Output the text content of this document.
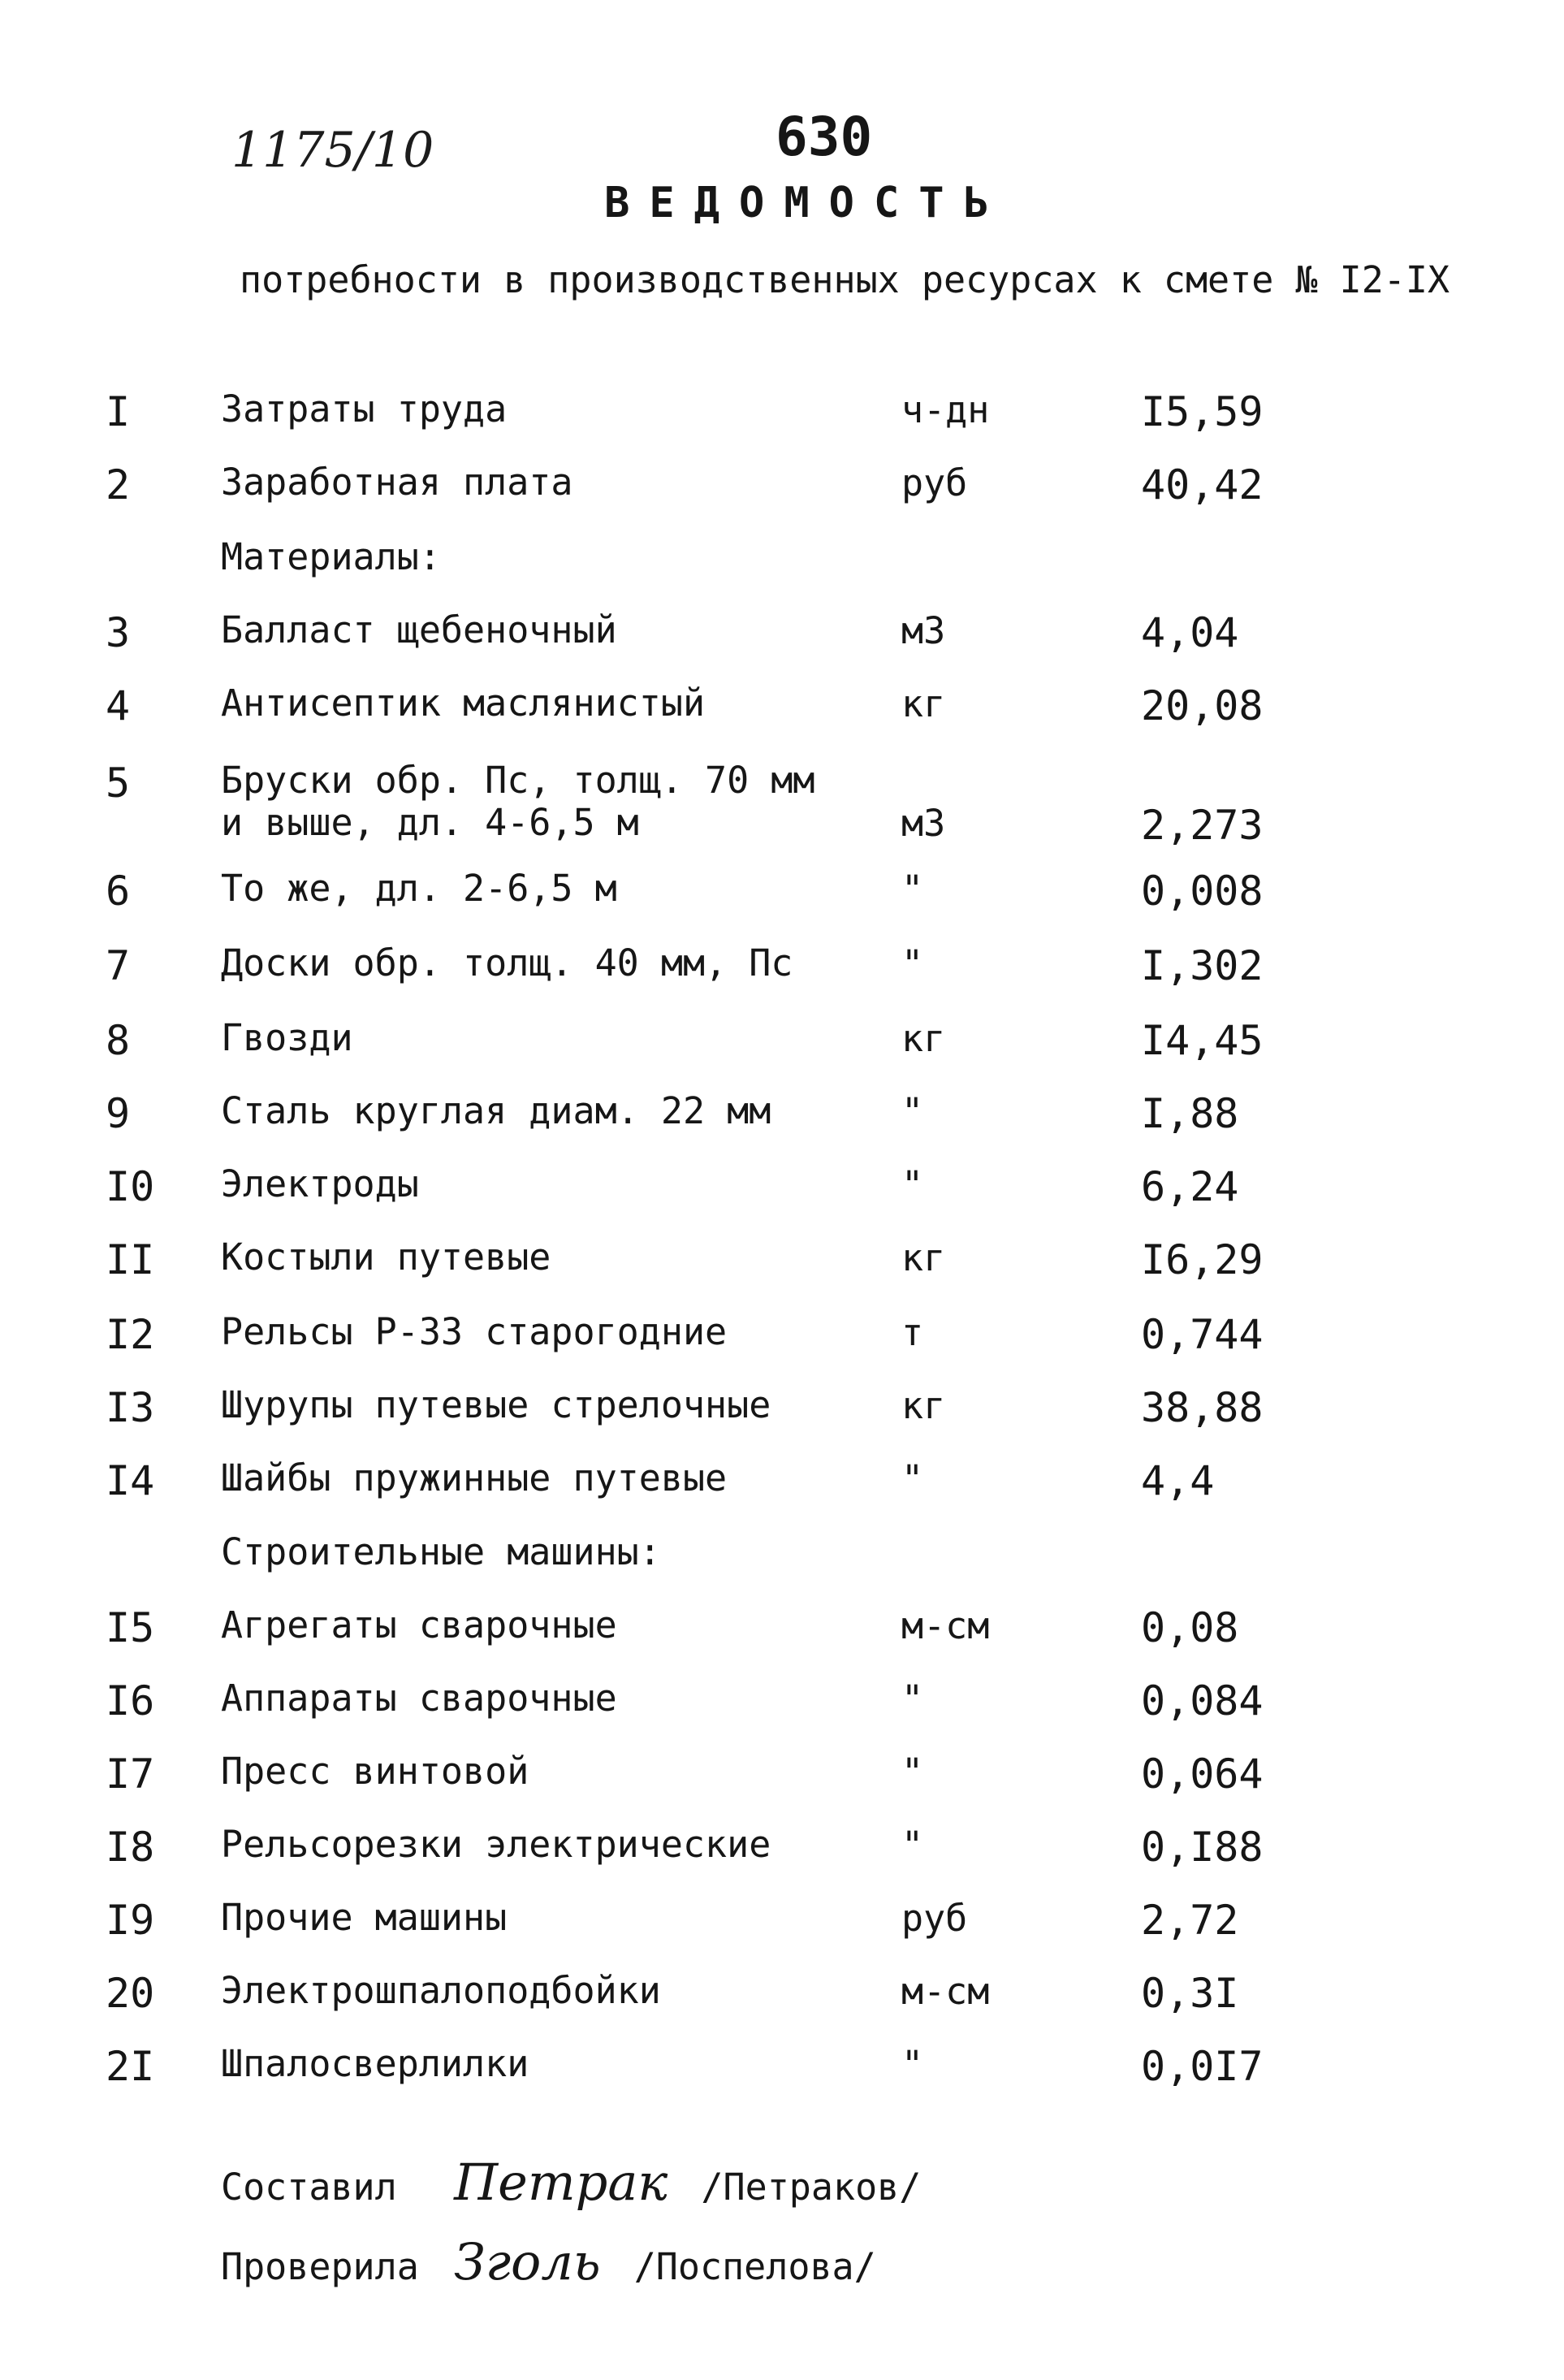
1175/10	630
ВЕДОМОСТЬ
потребности в производственных ресурсах к смете № I2-IX
I Затраты труда	ч-дн	I5,59
2 Заработная плата	руб	40,42
Материалы:
3 Балласт щебеночный	м3	4,04
4 Антисептик маслянистый	кг	20,08
5 Бруски обр. Пс, толщ. 70 мм
и выше, дл. 4-6,5 м	м3	2,273
6 То же, дл. 2-6,5 м	"	0,008
7 Доски обр. толщ. 40 мм, Пс	"	I,302
8 Гвозди	кг	I4,45
9 Сталь круглая диам. 22 мм	"	I,88
I0 Электроды	"	6,24
II Костыли путевые	кг	I6,29
I2 Рельсы Р-33 старогодние	т	0,744
I3 Шурупы путевые стрелочные	кг	38,88
I4 Шайбы пружинные путевые	"	4,4
Строительные машины:
I5 Агрегаты сварочные	м-см	0,08
I6 Аппараты сварочные	"	0,084
I7 Пресс винтовой	"	0,064
I8 Рельсорезки электрические	"	0,I88
I9 Прочие машины	руб	2,72
20 Электрошпалоподбойки	м-см	0,3I
2I Шпалосверлилки	"	0,0I7
Составил Петрак /Петраков/
Проверила Зголь /Поспелова/
